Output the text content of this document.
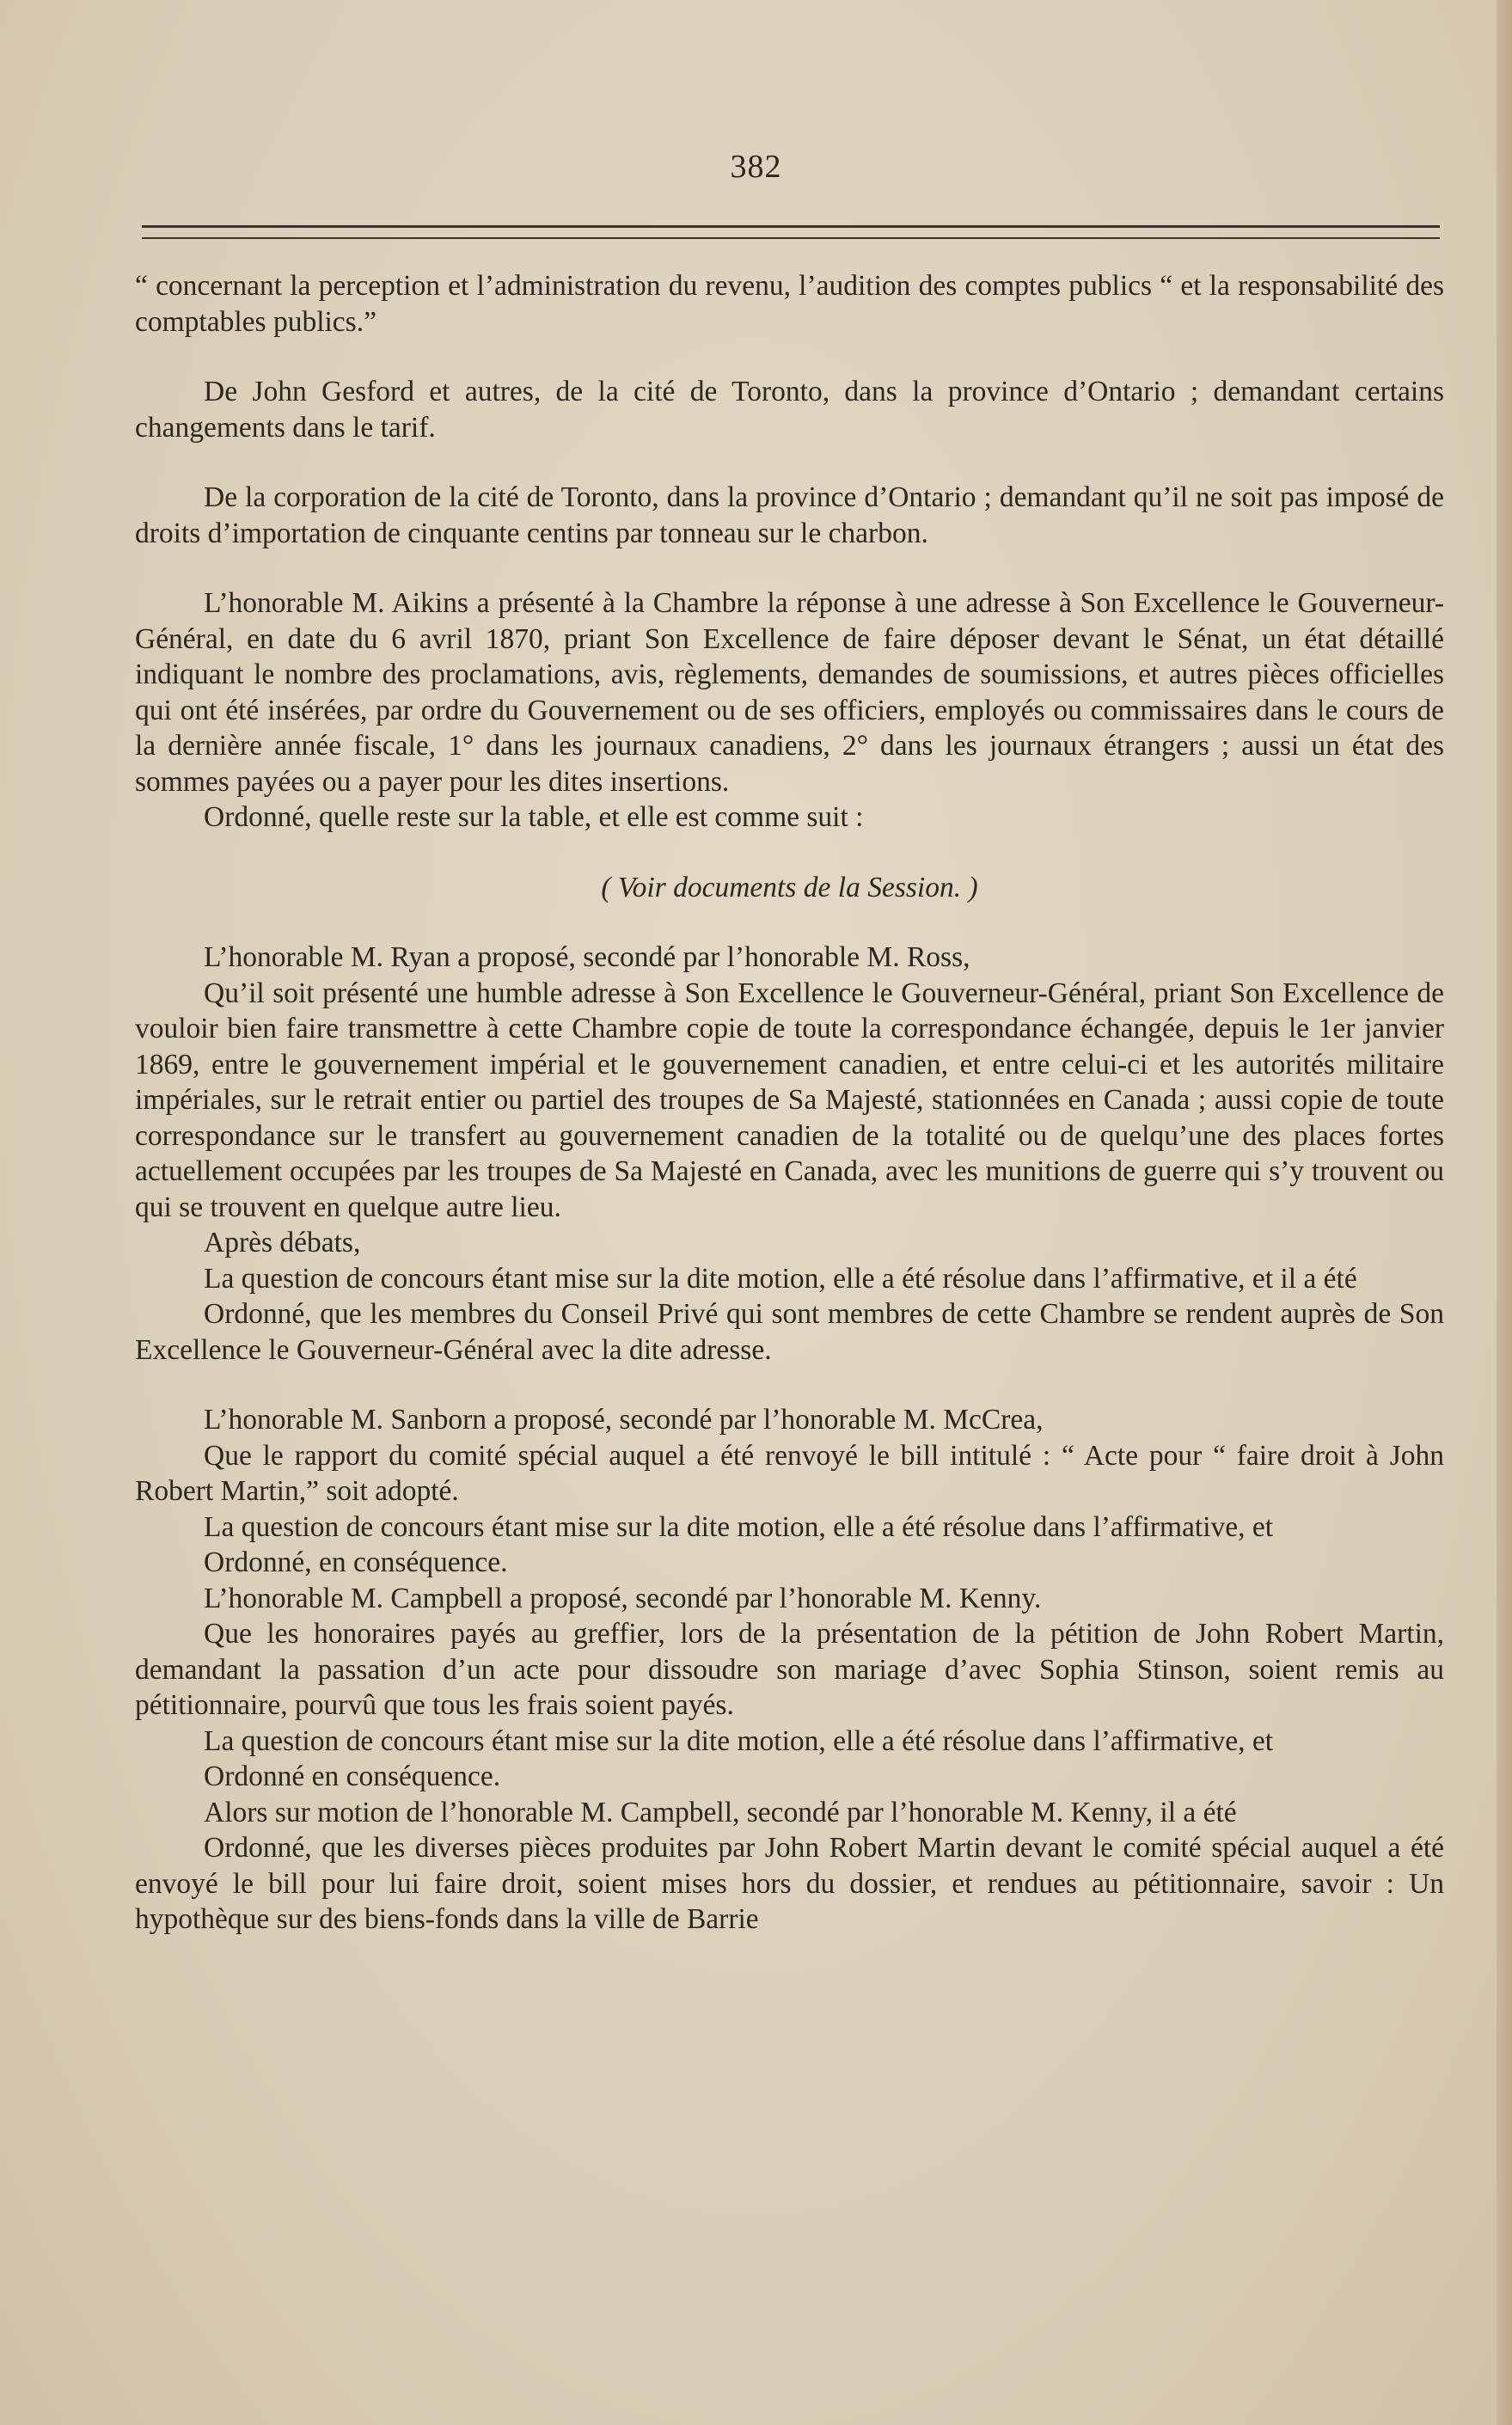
382

“ concernant la perception et l’administration du revenu, l’audition des comptes publics “ et la responsabilité des comptables publics.”

De John Gesford et autres, de la cité de Toronto, dans la province d’Ontario ; demandant certains changements dans le tarif.

De la corporation de la cité de Toronto, dans la province d’Ontario ; demandant qu’il ne soit pas imposé de droits d’importation de cinquante centins par tonneau sur le charbon.

L’honorable M. Aikins a présenté à la Chambre la réponse à une adresse à Son Excellence le Gouverneur-Général, en date du 6 avril 1870, priant Son Excellence de faire déposer devant le Sénat, un état détaillé indiquant le nombre des proclamations, avis, règlements, demandes de soumissions, et autres pièces officielles qui ont été insérées, par ordre du Gouvernement ou de ses officiers, employés ou commissaires dans le cours de la dernière année fiscale, 1° dans les journaux canadiens, 2° dans les journaux étrangers ; aussi un état des sommes payées ou a payer pour les dites insertions.

Ordonné, quelle reste sur la table, et elle est comme suit :

( Voir documents de la Session. )

L’honorable M. Ryan a proposé, secondé par l’honorable M. Ross,

Qu’il soit présenté une humble adresse à Son Excellence le Gouverneur-Général, priant Son Excellence de vouloir bien faire transmettre à cette Chambre copie de toute la correspondance échangée, depuis le 1er janvier 1869, entre le gouvernement impérial et le gouvernement canadien, et entre celui-ci et les autorités militaire impériales, sur le retrait entier ou partiel des troupes de Sa Majesté, stationnées en Canada ; aussi copie de toute correspondance sur le transfert au gouvernement canadien de la totalité ou de quelqu’une des places fortes actuellement occupées par les troupes de Sa Majesté en Canada, avec les munitions de guerre qui s’y trouvent ou qui se trouvent en quelque autre lieu.

Après débats,

La question de concours étant mise sur la dite motion, elle a été résolue dans l’affirmative, et il a été

Ordonné, que les membres du Conseil Privé qui sont membres de cette Chambre se rendent auprès de Son Excellence le Gouverneur-Général avec la dite adresse.

L’honorable M. Sanborn a proposé, secondé par l’honorable M. McCrea,

Que le rapport du comité spécial auquel a été renvoyé le bill intitulé : “ Acte pour “ faire droit à John Robert Martin,” soit adopté.

La question de concours étant mise sur la dite motion, elle a été résolue dans l’affirmative, et

Ordonné, en conséquence.

L’honorable M. Campbell a proposé, secondé par l’honorable M. Kenny.

Que les honoraires payés au greffier, lors de la présentation de la pétition de John Robert Martin, demandant la passation d’un acte pour dissoudre son mariage d’avec Sophia Stinson, soient remis au pétitionnaire, pourvû que tous les frais soient payés.

La question de concours étant mise sur la dite motion, elle a été résolue dans l’affirmative, et

Ordonné en conséquence.

Alors sur motion de l’honorable M. Campbell, secondé par l’honorable M. Kenny, il a été

Ordonné, que les diverses pièces produites par John Robert Martin devant le comité spécial auquel a été envoyé le bill pour lui faire droit, soient mises hors du dossier, et rendues au pétitionnaire, savoir : Un hypothèque sur des biens-fonds dans la ville de Barrie
